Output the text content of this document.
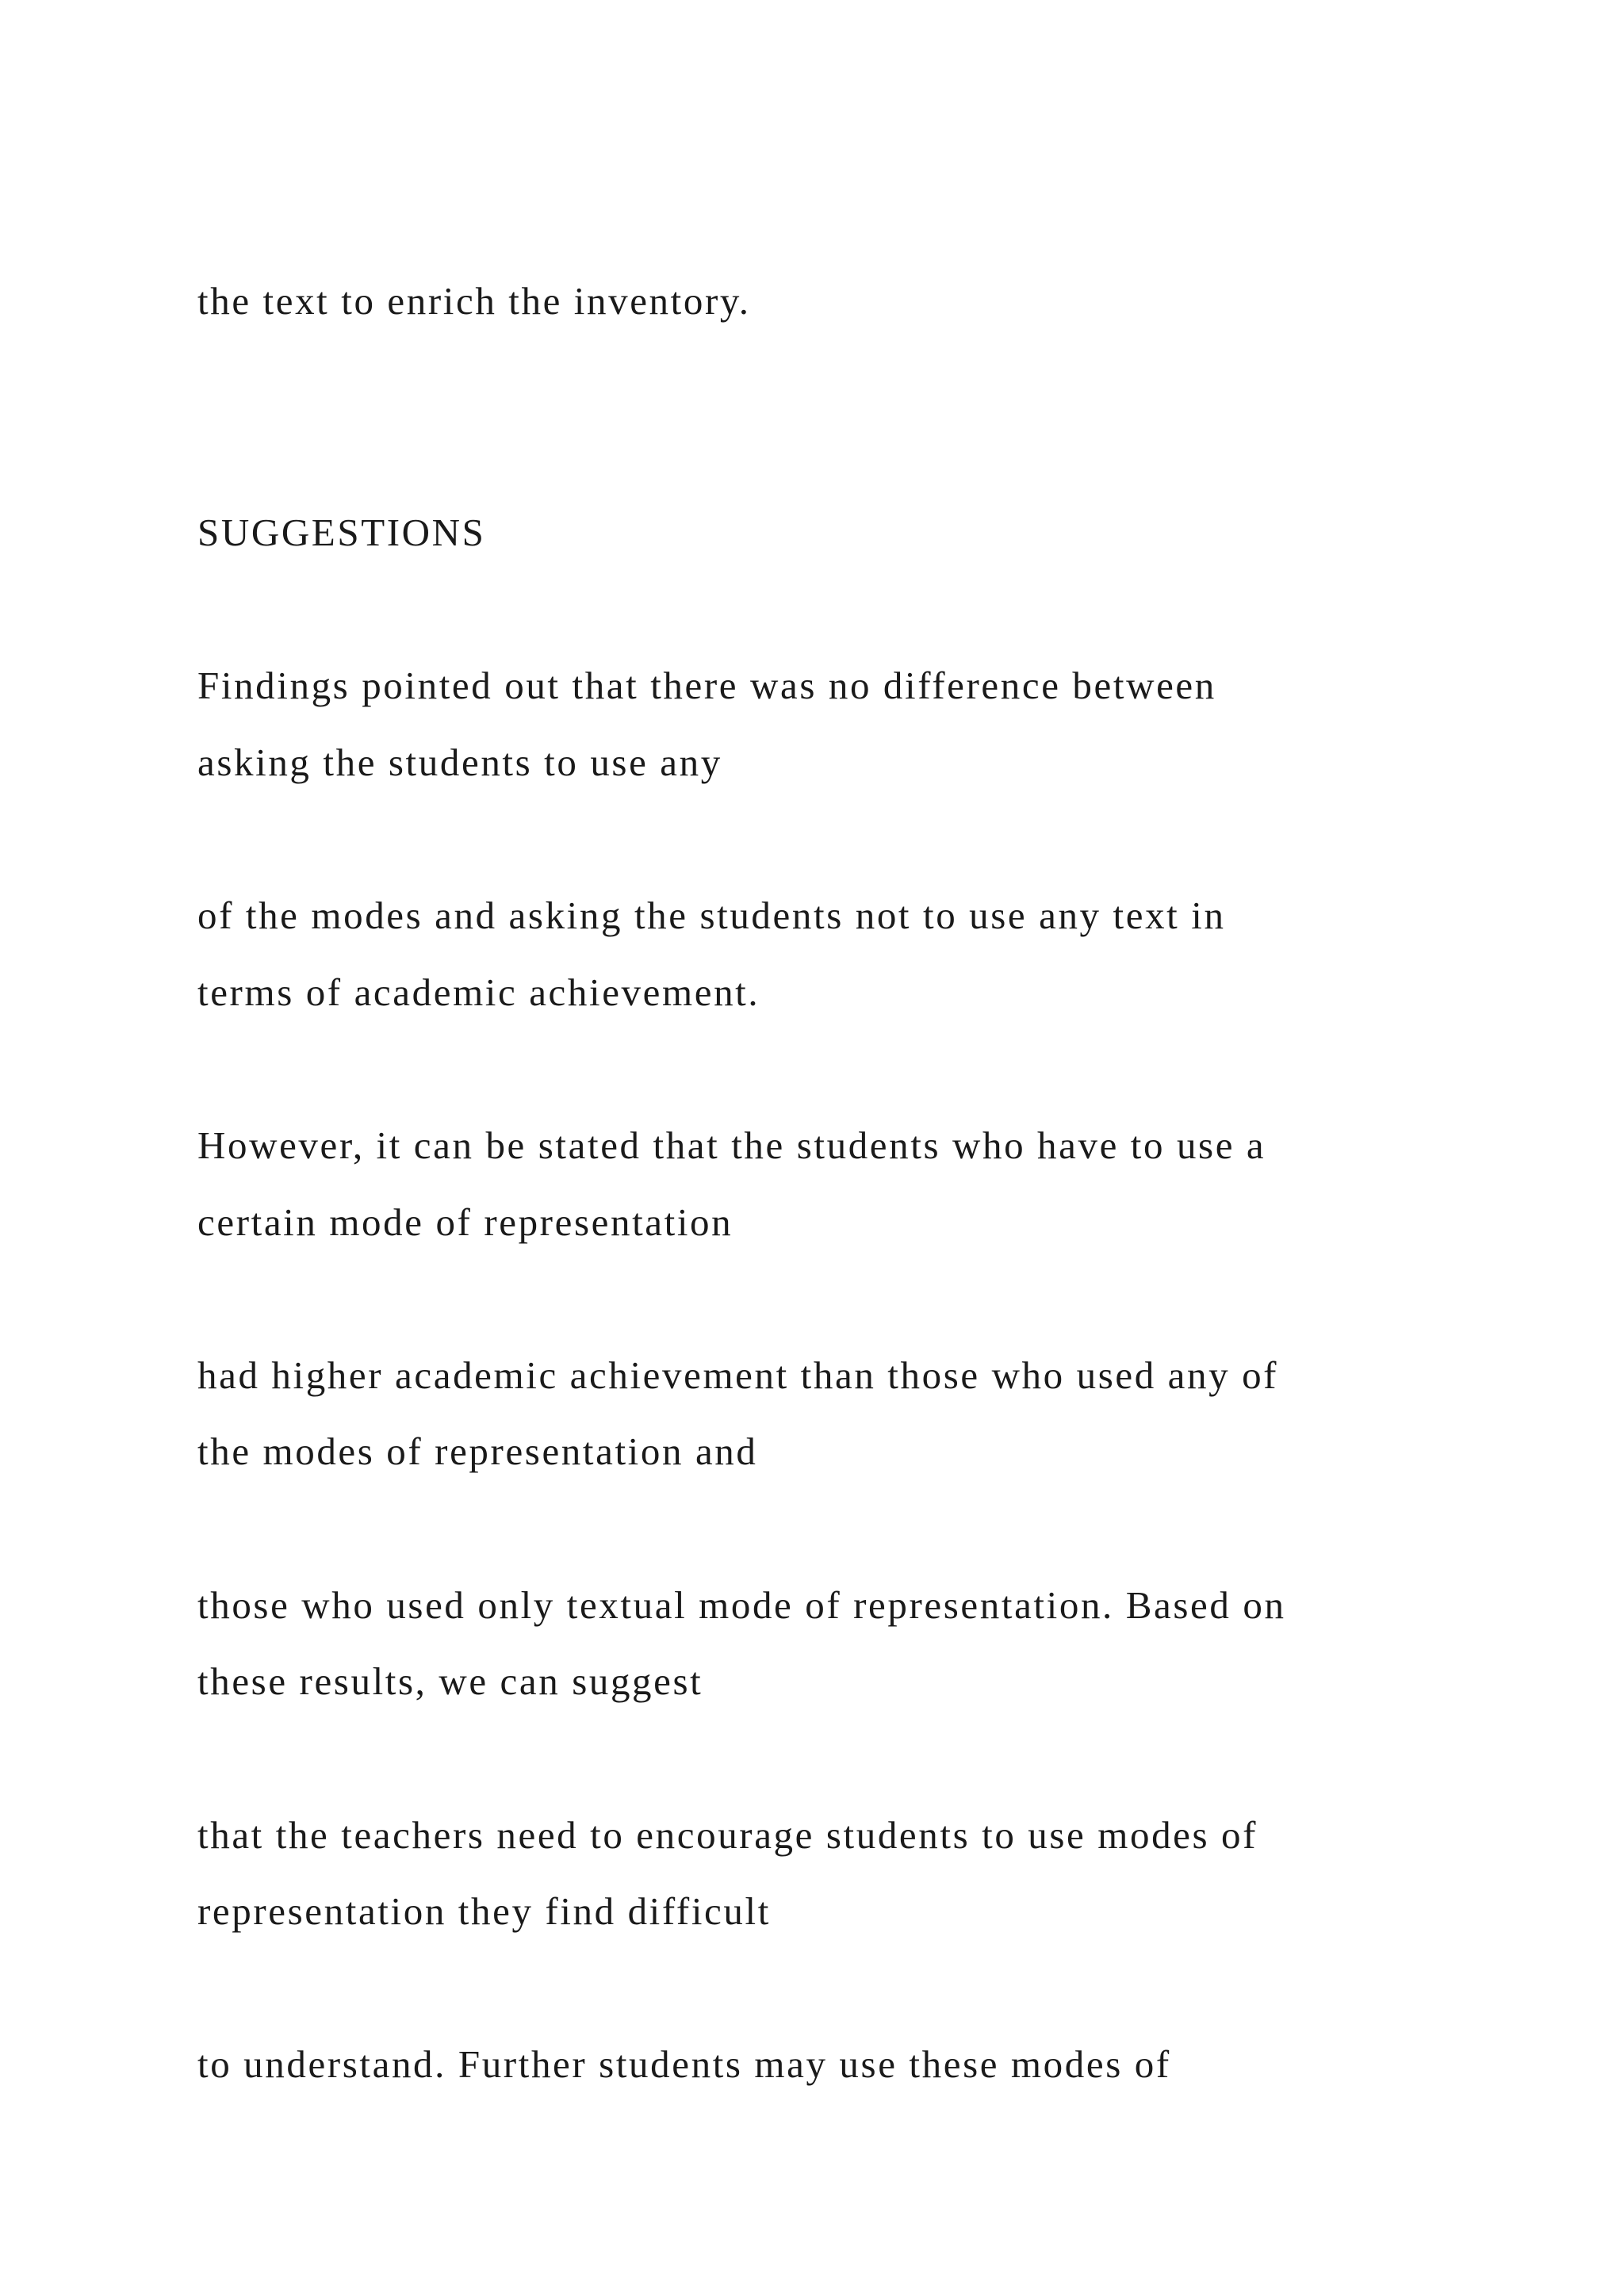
the text to enrich the inventory.

SUGGESTIONS

Findings pointed out that there was no difference between

asking the students to use any

of the modes and asking the students not to use any text in

terms of academic achievement.

However, it can be stated that the students who have to use a

certain mode of representation

had higher academic achievement than those who used any of

the modes of representation and

those who used only textual mode of representation. Based on

these results, we can suggest

that the teachers need to encourage students to use modes of

representation they find difficult

to understand. Further students may use these modes of
